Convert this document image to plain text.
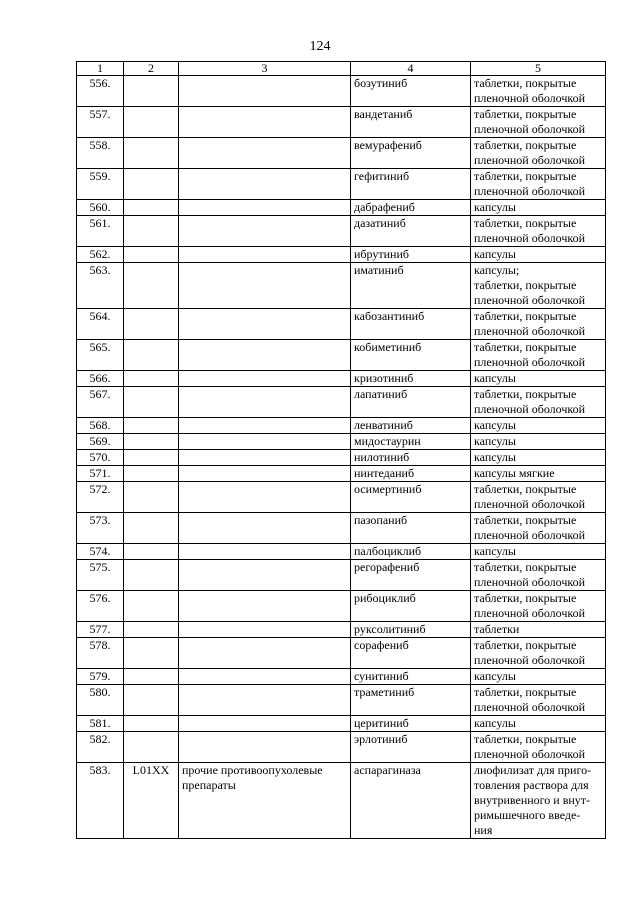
124
1	2	3	4	5
556.			бозутиниб	таблетки, покрытые пленочной оболочкой
557.			вандетаниб	таблетки, покрытые пленочной оболочкой
558.			вемурафениб	таблетки, покрытые пленочной оболочкой
559.			гефитиниб	таблетки, покрытые пленочной оболочкой
560.			дабрафениб	капсулы
561.			дазатиниб	таблетки, покрытые пленочной оболочкой
562.			ибрутиниб	капсулы
563.			иматиниб	капсулы;
таблетки, покрытые пленочной оболочкой
564.			кабозантиниб	таблетки, покрытые пленочной оболочкой
565.			кобиметиниб	таблетки, покрытые пленочной оболочкой
566.			кризотиниб	капсулы
567.			лапатиниб	таблетки, покрытые пленочной оболочкой
568.			ленватиниб	капсулы
569.			мидостаурин	капсулы
570.			нилотиниб	капсулы
571.			нинтеданиб	капсулы мягкие
572.			осимертиниб	таблетки, покрытые пленочной оболочкой
573.			пазопаниб	таблетки, покрытые пленочной оболочкой
574.			палбоциклиб	капсулы
575.			регорафениб	таблетки, покрытые пленочной оболочкой
576.			рибоциклиб	таблетки, покрытые пленочной оболочкой
577.			руксолитиниб	таблетки
578.			сорафениб	таблетки, покрытые пленочной оболочкой
579.			сунитиниб	капсулы
580.			траметиниб	таблетки, покрытые пленочной оболочкой
581.			церитиниб	капсулы
582.			эрлотиниб	таблетки, покрытые пленочной оболочкой
583.	L01XX	прочие противоопухолевые препараты	аспарагиназа	лиофилизат для приго-
товления раствора для
внутривенного и внут-
римышечного введе-
ния
